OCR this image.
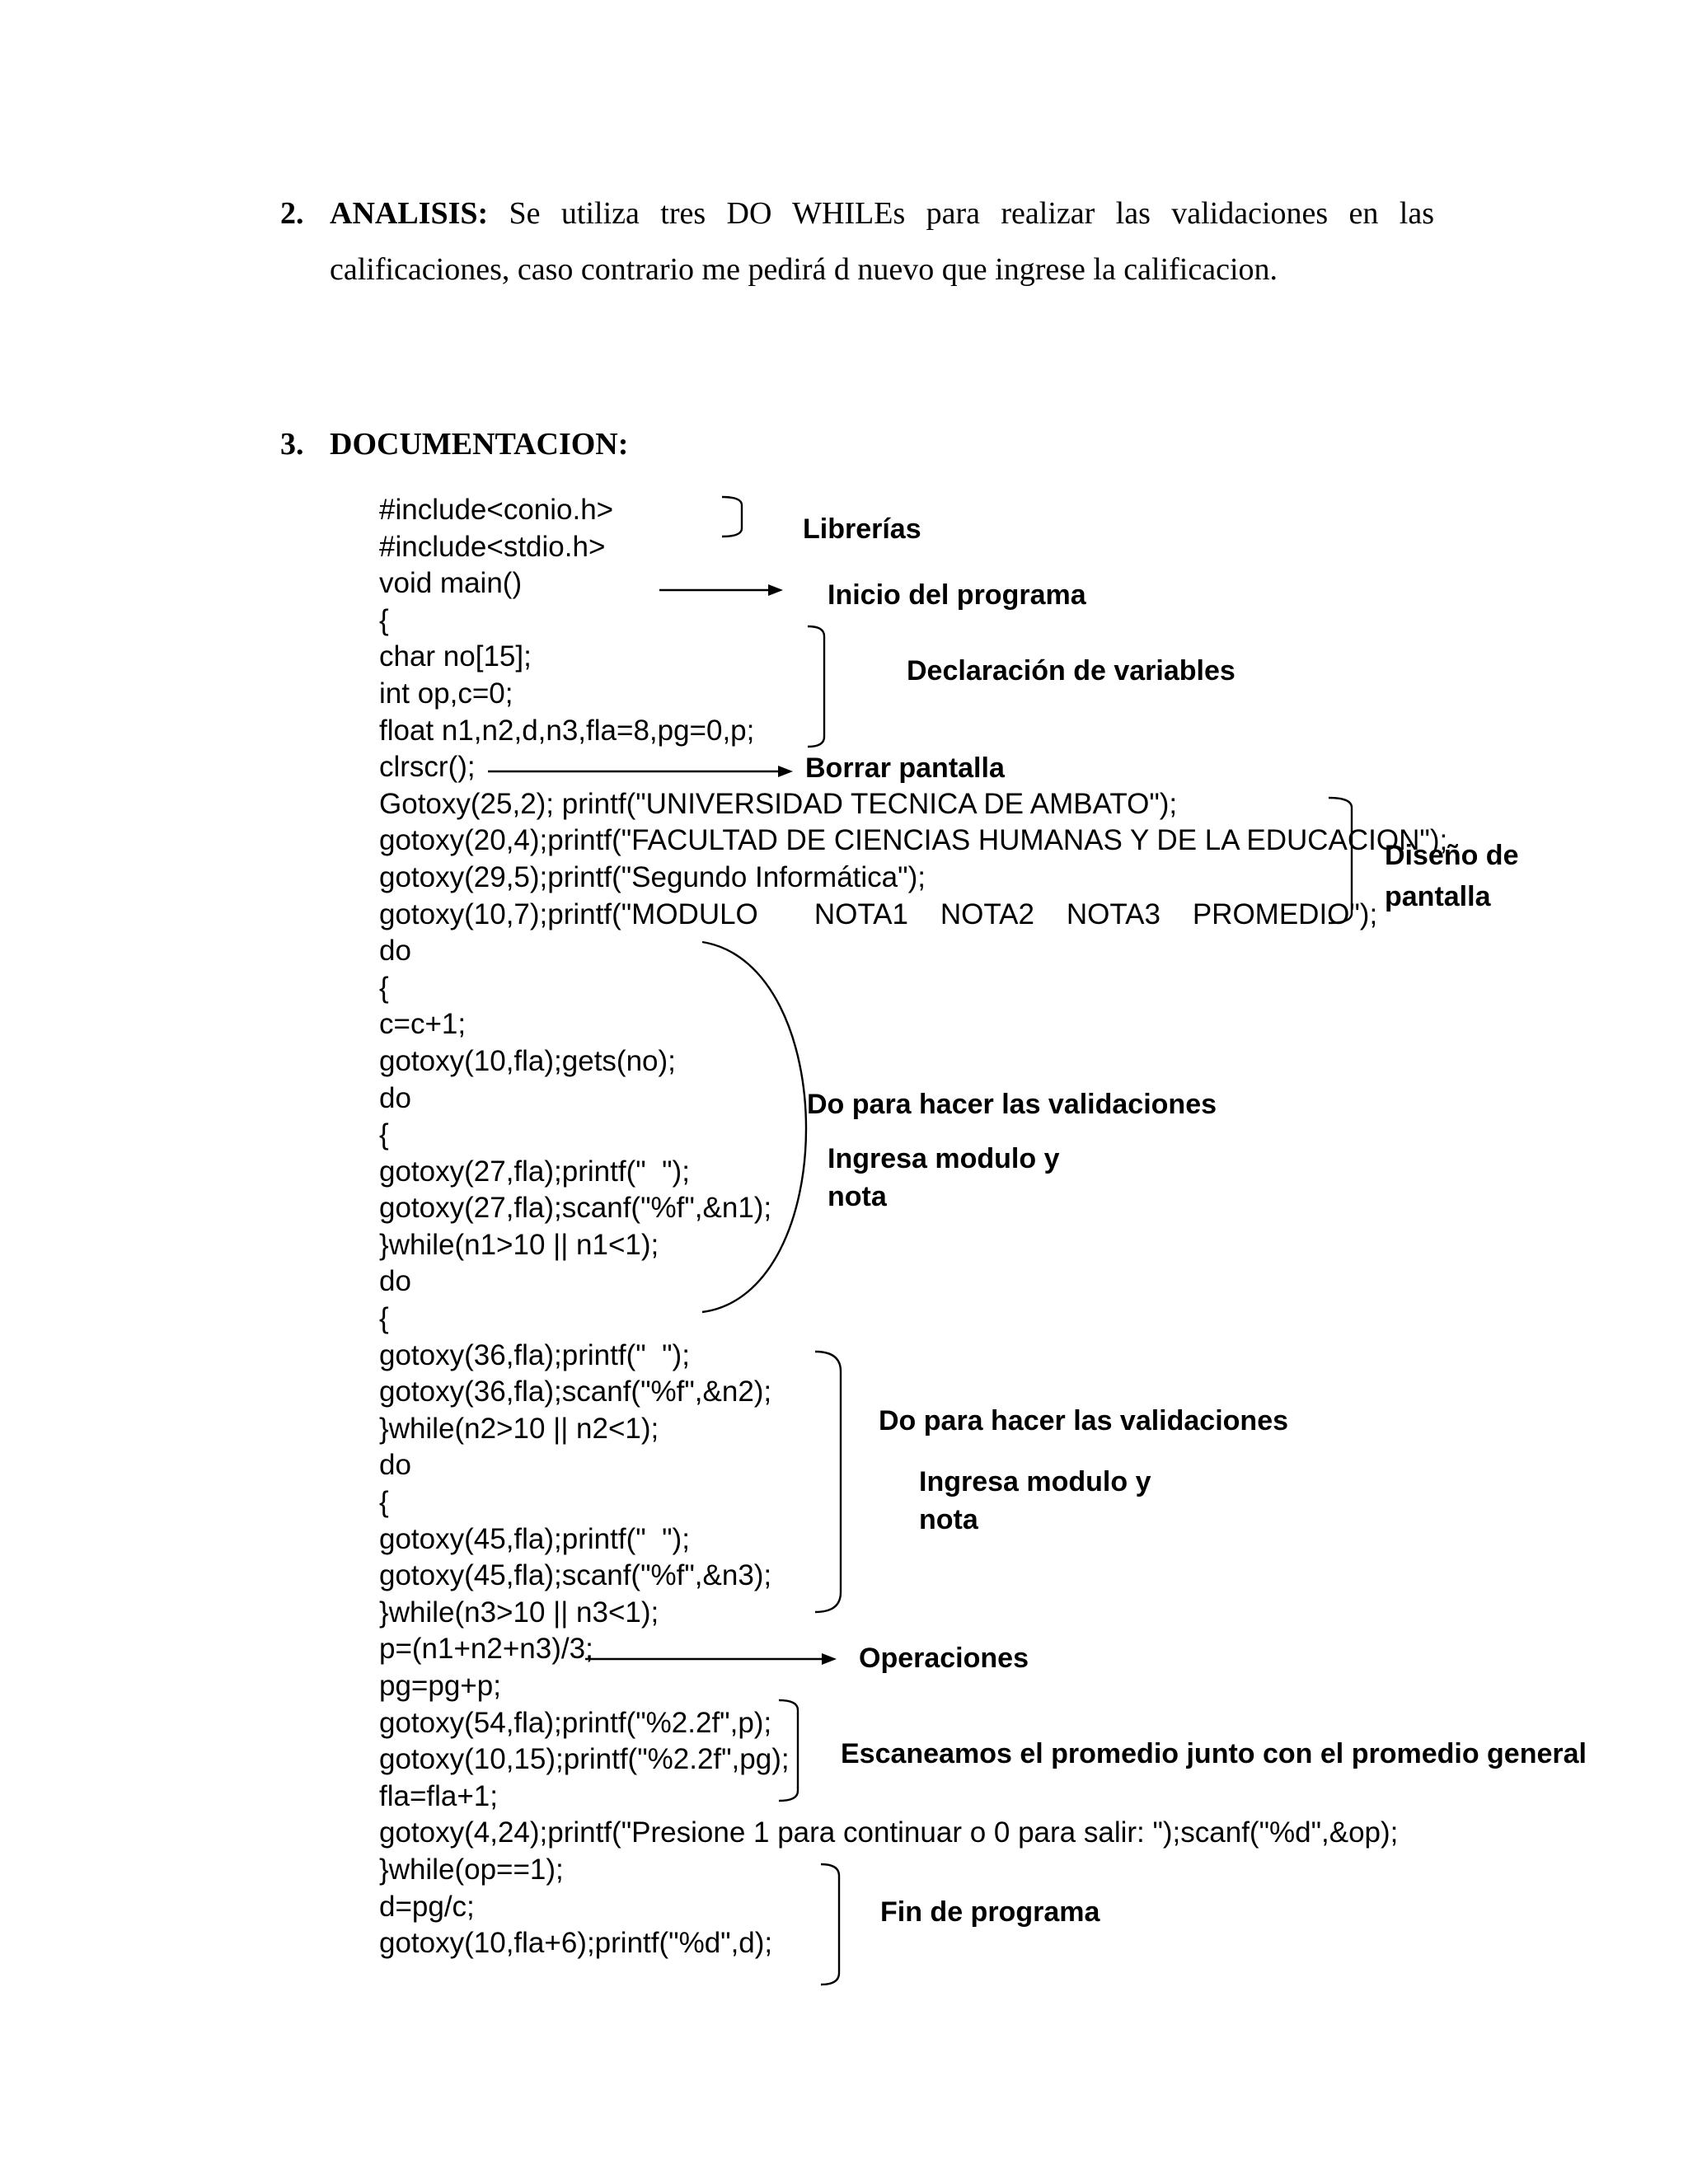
2. ANALISIS: Se utiliza tres DO WHILEs para realizar las validaciones en las
calificaciones, caso contrario me pedirá d nuevo que ingrese la calificacion.
3. DOCUMENTACION:
#include<conio.h>
#include<stdio.h>
void main()
{
char no[15];
int op,c=0;
float n1,n2,d,n3,fla=8,pg=0,p;
clrscr();
Gotoxy(25,2); printf("UNIVERSIDAD TECNICA DE AMBATO");
gotoxy(20,4);printf("FACULTAD DE CIENCIAS HUMANAS Y DE LA EDUCACION");
gotoxy(29,5);printf("Segundo Informática");
gotoxy(10,7);printf("MODULO       NOTA1    NOTA2    NOTA3    PROMEDIO");
do
{
c=c+1;
gotoxy(10,fla);gets(no);
do
{
gotoxy(27,fla);printf("  ");
gotoxy(27,fla);scanf("%f",&n1);
}while(n1>10 || n1<1);
do
{
gotoxy(36,fla);printf("  ");
gotoxy(36,fla);scanf("%f",&n2);
}while(n2>10 || n2<1);
do
{
gotoxy(45,fla);printf("  ");
gotoxy(45,fla);scanf("%f",&n3);
}while(n3>10 || n3<1);
p=(n1+n2+n3)/3;
pg=pg+p;
gotoxy(54,fla);printf("%2.2f",p);
gotoxy(10,15);printf("%2.2f",pg);
fla=fla+1;
gotoxy(4,24);printf("Presione 1 para continuar o 0 para salir: ");scanf("%d",&op);
}while(op==1);
d=pg/c;
gotoxy(10,fla+6);printf("%d",d);
Librerías
Inicio del programa
Declaración de variables
Borrar pantalla
Diseño de
pantalla
Do para hacer las validaciones
Ingresa modulo y
nota
Do para hacer las validaciones
Ingresa modulo y
nota
Operaciones
Escaneamos el promedio junto con el promedio general
Fin de programa
